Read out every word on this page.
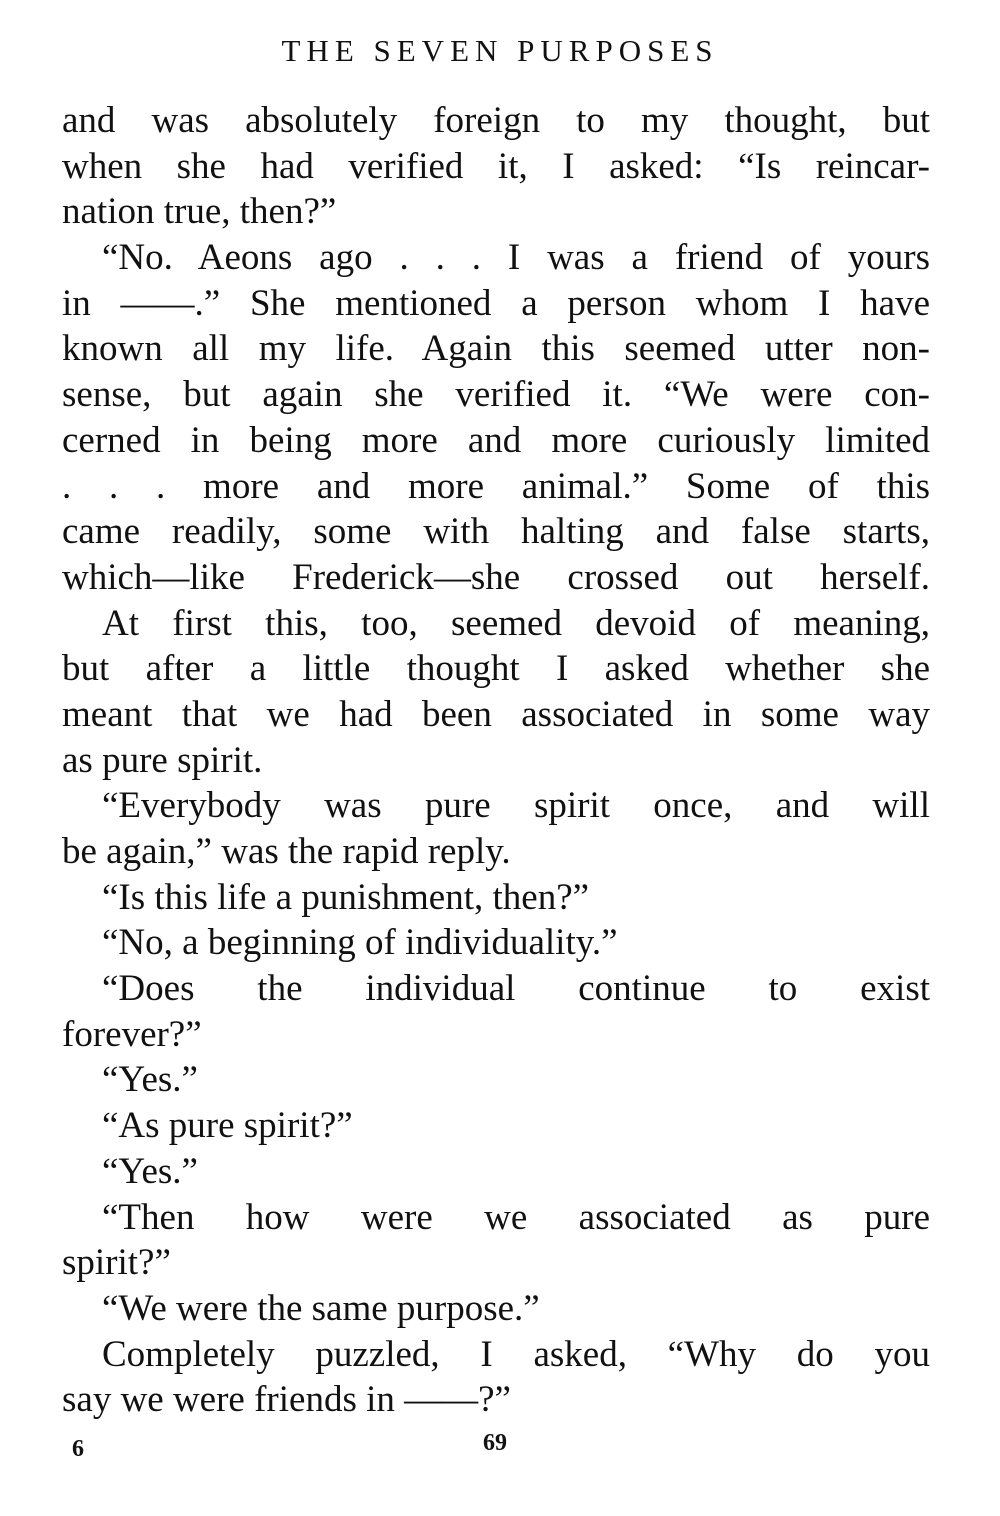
THE SEVEN PURPOSES
and was absolutely foreign to my thought, but
when she had verified it, I asked: “Is reincar-
nation true, then?”
“No. Aeons ago . . . I was a friend of yours
in ——.” She mentioned a person whom I have
known all my life. Again this seemed utter non-
sense, but again she verified it. “We were con-
cerned in being more and more curiously limited
. . . more and more animal.” Some of this
came readily, some with halting and false starts,
which—like Frederick—she crossed out herself.
At first this, too, seemed devoid of meaning,
but after a little thought I asked whether she
meant that we had been associated in some way
as pure spirit.
“Everybody was pure spirit once, and will
be again,” was the rapid reply.
“Is this life a punishment, then?”
“No, a beginning of individuality.”
“Does the individual continue to exist
forever?”
“Yes.”
“As pure spirit?”
“Yes.”
“Then how were we associated as pure
spirit?”
“We were the same purpose.”
Completely puzzled, I asked, “Why do you
say we were friends in ——?”
6	69
